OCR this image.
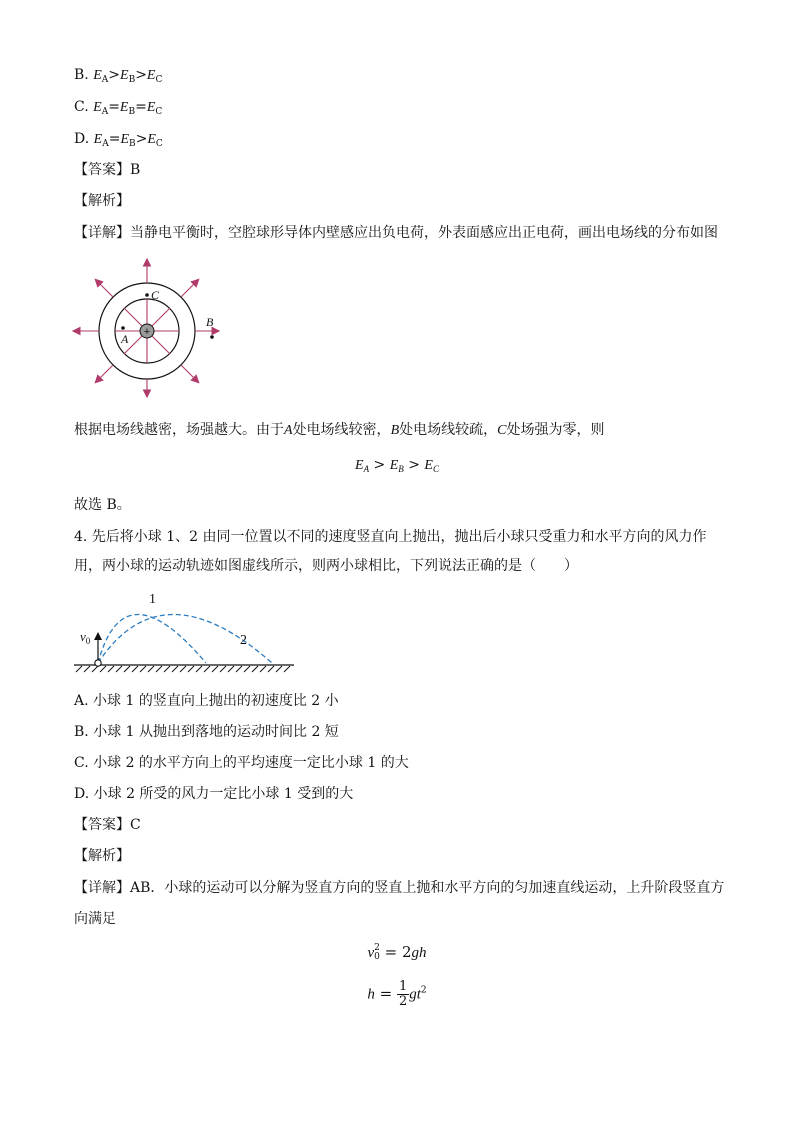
B. $E_A>E_B>E_C$
C. $E_A=E_B=E_C$
D. $E_A=E_B>E_C$
【答案】B
【解析】
【详解】当静电平衡时，空腔球形导体内壁感应出负电荷，外表面感应出正电荷，画出电场线的分布如图
+
A
C
B
根据电场线越密，场强越大。由于A处电场线较密，B处电场线较疏，C处场强为零，则
$E_A > E_B > E_C$
故选 B。
4. 先后将小球 1、2 由同一位置以不同的速度竖直向上抛出，抛出后小球只受重力和水平方向的风力作
用，两小球的运动轨迹如图虚线所示，则两小球相比，下列说法正确的是（　　）
$v_0$
1
2
A. 小球 1 的竖直向上抛出的初速度比 2 小
B. 小球 1 从抛出到落地的运动时间比 2 短
C. 小球 2 的水平方向上的平均速度一定比小球 1 的大
D. 小球 2 所受的风力一定比小球 1 受到的大
【答案】C
【解析】
【详解】AB．小球的运动可以分解为竖直方向的竖直上抛和水平方向的匀加速直线运动，上升阶段竖直方
向满足
v 2
0 = 2gh
$h = \frac{1}{2} gt^2$
